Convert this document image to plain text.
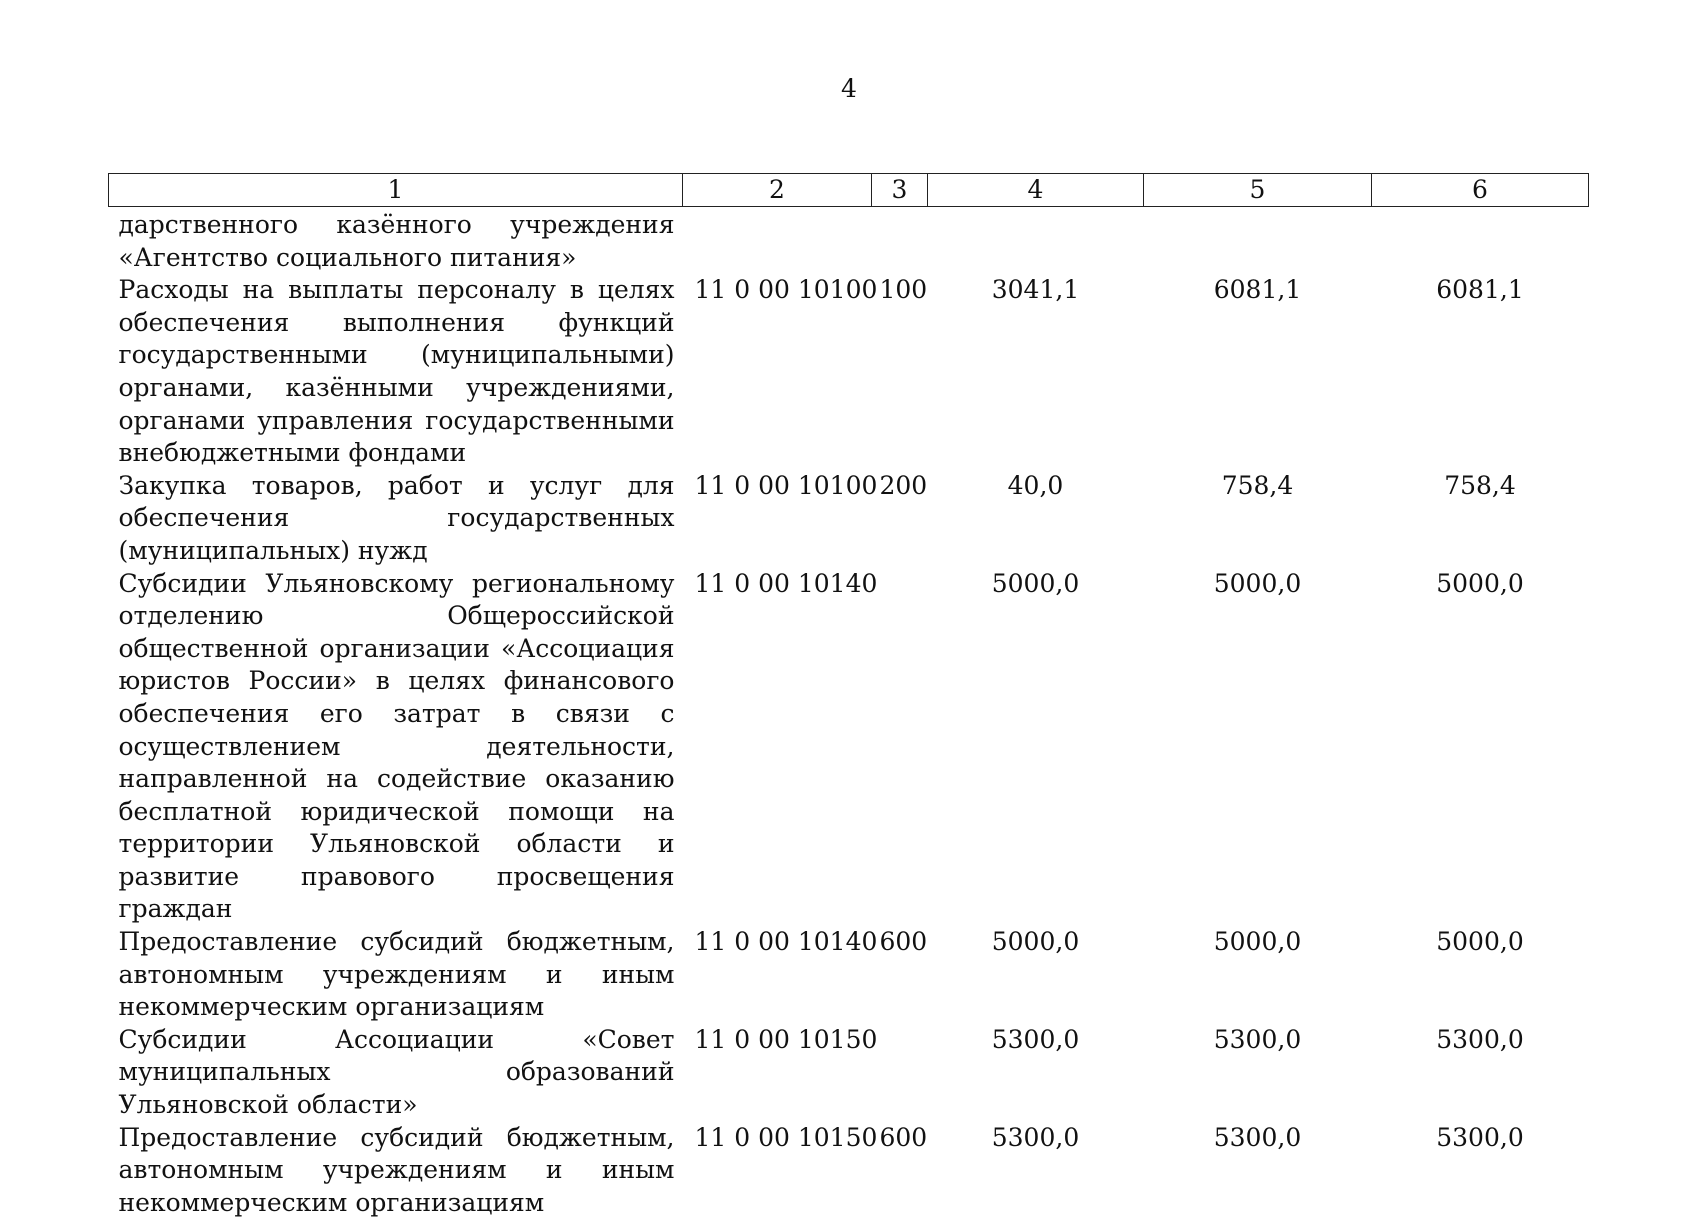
4
1	2	3	4	5	6
дарственного казённого учреждения «Агентство социального питания»					
Расходы на выплаты персоналу в целях обеспечения выполнения функций государственными (муниципальными) органами, казёнными учреждениями, органами управления государственными внебюджетными фондами	11 0 00 10100	100	3041,1	6081,1	6081,1
Закупка товаров, работ и услуг для обеспечения государственных (муниципальных) нужд	11 0 00 10100	200	40,0	758,4	758,4
Субсидии Ульяновскому региональному отделению Общероссийской общественной организации «Ассоциация юристов России» в целях финансового обеспечения его затрат в связи с осуществлением деятельности, направленной на содействие оказанию бесплатной юридической помощи на территории Ульяновской области и развитие правового просвещения граждан	11 0 00 10140		5000,0	5000,0	5000,0
Предоставление субсидий бюджетным, автономным учреждениям и иным некоммерческим организациям	11 0 00 10140	600	5000,0	5000,0	5000,0
Субсидии Ассоциации «Совет муниципальных образований Ульяновской области»	11 0 00 10150		5300,0	5300,0	5300,0
Предоставление субсидий бюджетным, автономным учреждениям и иным некоммерческим организациям	11 0 00 10150	600	5300,0	5300,0	5300,0
